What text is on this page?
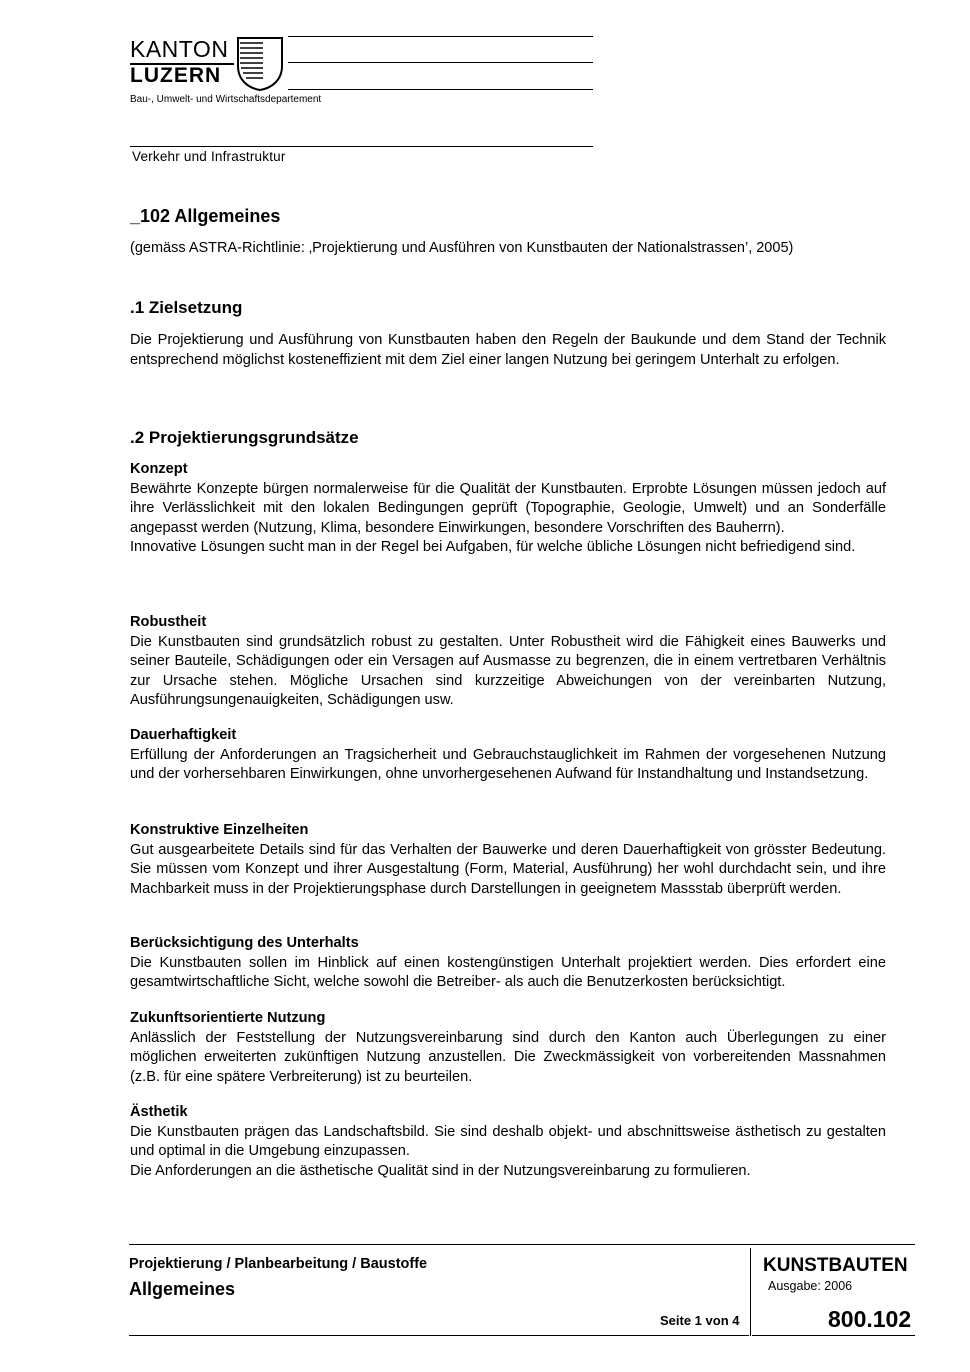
KANTON
LUZERN
Bau-, Umwelt- und Wirtschaftsdepartement
Verkehr und Infrastruktur
_102 Allgemeines
(gemäss ASTRA-Richtlinie: ‚Projektierung und Ausführen von Kunstbauten der Nationalstrassen’, 2005)
.1 Zielsetzung

Die Projektierung und Ausführung von Kunstbauten haben den Regeln der Baukunde und dem Stand der Technik entsprechend möglichst kosteneffizient mit dem Ziel einer langen Nutzung bei geringem Unterhalt zu erfolgen.

.2 Projektierungsgrundsätze
Konzept

Bewährte Konzepte bürgen normalerweise für die Qualität der Kunstbauten. Erprobte Lösungen müssen jedoch auf ihre Verlässlichkeit mit den lokalen Bedingungen geprüft (Topographie, Geologie, Umwelt) und an Sonderfälle angepasst werden (Nutzung, Klima, besondere Einwirkungen, besondere Vorschriften des Bauherrn).

Innovative Lösungen sucht man in der Regel bei Aufgaben, für welche übliche Lösungen nicht befriedigend sind.

Robustheit

Die Kunstbauten sind grundsätzlich robust zu gestalten. Unter Robustheit wird die Fähigkeit eines Bauwerks und seiner Bauteile, Schädigungen oder ein Versagen auf Ausmasse zu begrenzen, die in einem vertretbaren Verhältnis zur Ursache stehen. Mögliche Ursachen sind kurzzeitige Abweichungen von der vereinbarten Nutzung, Ausführungsungenauigkeiten, Schädigungen usw.

Dauerhaftigkeit

Erfüllung der Anforderungen an Tragsicherheit und Gebrauchstauglichkeit im Rahmen der vorgesehenen Nutzung und der vorhersehbaren Einwirkungen, ohne unvorhergesehenen Aufwand für Instandhaltung und Instandsetzung.

Konstruktive Einzelheiten

Gut ausgearbeitete Details sind für das Verhalten der Bauwerke und deren Dauerhaftigkeit von grösster Bedeutung. Sie müssen vom Konzept und ihrer Ausgestaltung (Form, Material, Ausführung) her wohl durchdacht sein, und ihre Machbarkeit muss in der Projektierungsphase durch Darstellungen in geeignetem Massstab überprüft werden.

Berücksichtigung des Unterhalts

Die Kunstbauten sollen im Hinblick auf einen kostengünstigen Unterhalt projektiert werden. Dies erfordert eine gesamtwirtschaftliche Sicht, welche sowohl die Betreiber- als auch die Benutzerkosten berücksichtigt.

Zukunftsorientierte Nutzung

Anlässlich der Feststellung der Nutzungsvereinbarung sind durch den Kanton auch Überlegungen zu einer möglichen erweiterten zukünftigen Nutzung anzustellen. Die Zweckmässigkeit von vorbereitenden Massnahmen (z.B. für eine spätere Verbreiterung) ist zu beurteilen.

Ästhetik

Die Kunstbauten prägen das Landschaftsbild. Sie sind deshalb objekt- und abschnittsweise ästhetisch zu gestalten und optimal in die Umgebung einzupassen.

Die Anforderungen an die ästhetische Qualität sind in der Nutzungsvereinbarung zu formulieren.

Projektierung / Planbearbeitung / Baustoffe
Allgemeines
Seite 1 von 4
KUNSTBAUTEN
Ausgabe: 2006
800.102
